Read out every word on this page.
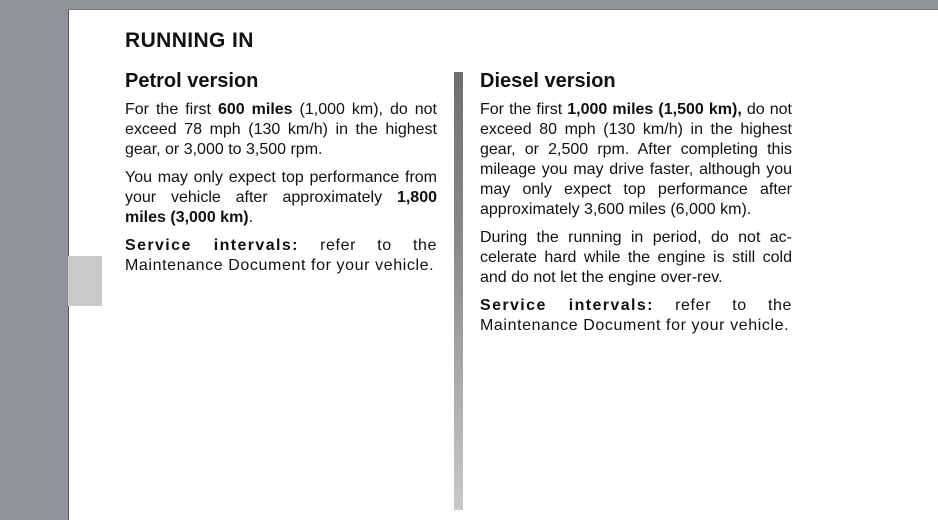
RUNNING IN
Petrol version

For the first 600 miles (1,000 km), do not exceed 78 mph (130 km/h) in the highest gear, or 3,000 to 3,500 rpm.

You may only expect top performance from your vehicle after approximately 1,800 miles (3,000 km).

Service intervals: refer to the Maintenance Document for your vehicle.

Diesel version

For the first 1,000 miles (1,500 km), do not exceed 80 mph (130 km/h) in the highest gear, or 2,500 rpm. After completing this mileage you may drive faster, although you may only expect top performance after approximately 3,600 miles (6,000 km).

During the running in period, do not accelerate hard while the engine is still cold and do not let the engine over-rev.

Service intervals: refer to the Maintenance Document for your vehicle.
